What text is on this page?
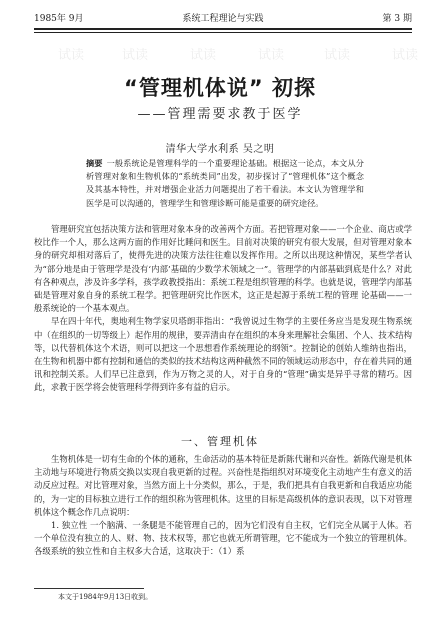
1985年 9月	系统工程理论与实践	第 3 期
试读	试读	试读	试读	试读	试读
“管理机体说” 初探
——管理需要求教于医学
清华大学水利系 吴之明
摘要 一般系统论是管理科学的一个重要理论基础。根据这一论点，本文从分析管理对象和生物机体的“系统类同”出发，初步探讨了“管理机体”这个概念及其基本特性，并对增强企业活力问题提出了若干看法。本文认为管理学和医学是可以沟通的，管理学生和管理诊断可能是重要的研究途径。

管理研究宜包括决策方法和管理对象本身的改善两个方面。若把管理对象——一个企业、商店或学校比作一个人，那么这两方面的作用好比睡问和医生。目前对决策的研究有很大发展，但对管理对象本身的研究却相对落后了，使得先进的决策方法往往难以发挥作用。之所以出现这种情况，某些学者认为“部分地是由于管理学是没有‘内部’基础的少数学术领域之一”。管理学的内部基础到底是什么？对此有各种观点，涉及许多学科，孩学政教授指出：系统工程是组织管理的科学。也就是说，管理学内部基础是管理对象自身的系统工程学。把管理研究比作医术，这正是起源于系统工程的管理 论基础——一般系统论的一个基本观点。

早在四十年代，奥地利生物学家贝塔朗菲指出：“我曾说过生物学的主要任务应当是发现生物系统中（在组织的一切等级上）起作用的规律，要弄清由存在组织的本身来理解社会集团、个人、技术结构等，以代替机体这个术语，则可以把这一个思想看作系统理论的纲领”。控制论的创始人维纳也指出，在生物和机器中都有控制和通信的类似的技术结构这两种截然不同的领域运动形态中，存在着共同的通讯和控制关系。人们早已注意到，作为万物之灵的人，对于自身的“管理”确实是异乎寻常的精巧。因此，求教于医学将会使管理科学得到许多有益的启示。

一、管理机体

生物机体是一切有生命的个体的通称，生命活动的基本特征是新陈代谢和兴奋性。新陈代谢是机体主动地与环境进行物质交换以实现自我更新的过程。兴奋性是指组织对环境变化主动地产生有意义的活动反应过程。对比管理对象，当然方面上十分类似，那么，于是，我们把具有自我更新和自我适应功能的，为一定的目标独立进行工作的组织称为管理机体。这里的目标是高级机体的意识表现，以下对管理机体这个概念作几点说明：

1. 独立性 一个脑满、一条腿是不能管理自己的，因为它们没有自主权，它们完全从属于人体。若一个单位没有独立的人、财、物、技术权等，那它也就无所谓管理，它不能成为一个独立的管理机体。各级系统的独立性和自主权多大合适，这取决于：（1）系

本文于1984年9月13日收到。
